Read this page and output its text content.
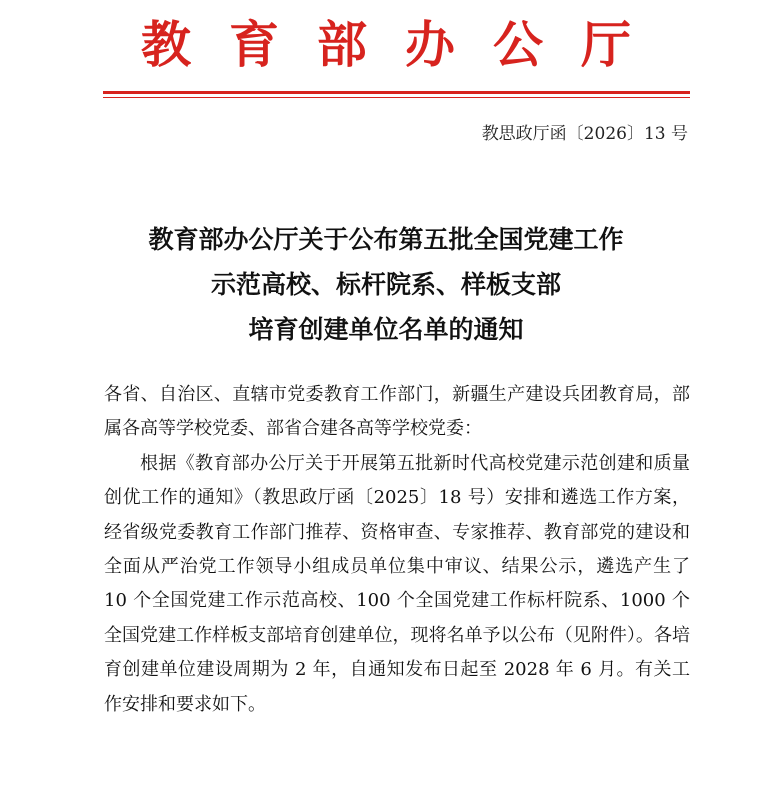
教育部办公厅
教思政厅函〔2026〕13 号
教育部办公厅关于公布第五批全国党建工作
示范高校、标杆院系、样板支部
培育创建单位名单的通知

各省、自治区、直辖市党委教育工作部门，新疆生产建设兵团教育局，部属各高等学校党委、部省合建各高等学校党委：

根据《教育部办公厅关于开展第五批新时代高校党建示范创建和质量创优工作的通知》（教思政厅函〔2025〕18 号）安排和遴选工作方案，经省级党委教育工作部门推荐、资格审查、专家推荐、教育部党的建设和全面从严治党工作领导小组成员单位集中审议、结果公示，遴选产生了 10 个全国党建工作示范高校、100 个全国党建工作标杆院系、1000 个全国党建工作样板支部培育创建单位，现将名单予以公布（见附件）。各培育创建单位建设周期为 2 年，自通知发布日起至 2028 年 6 月。有关工作安排和要求如下。
